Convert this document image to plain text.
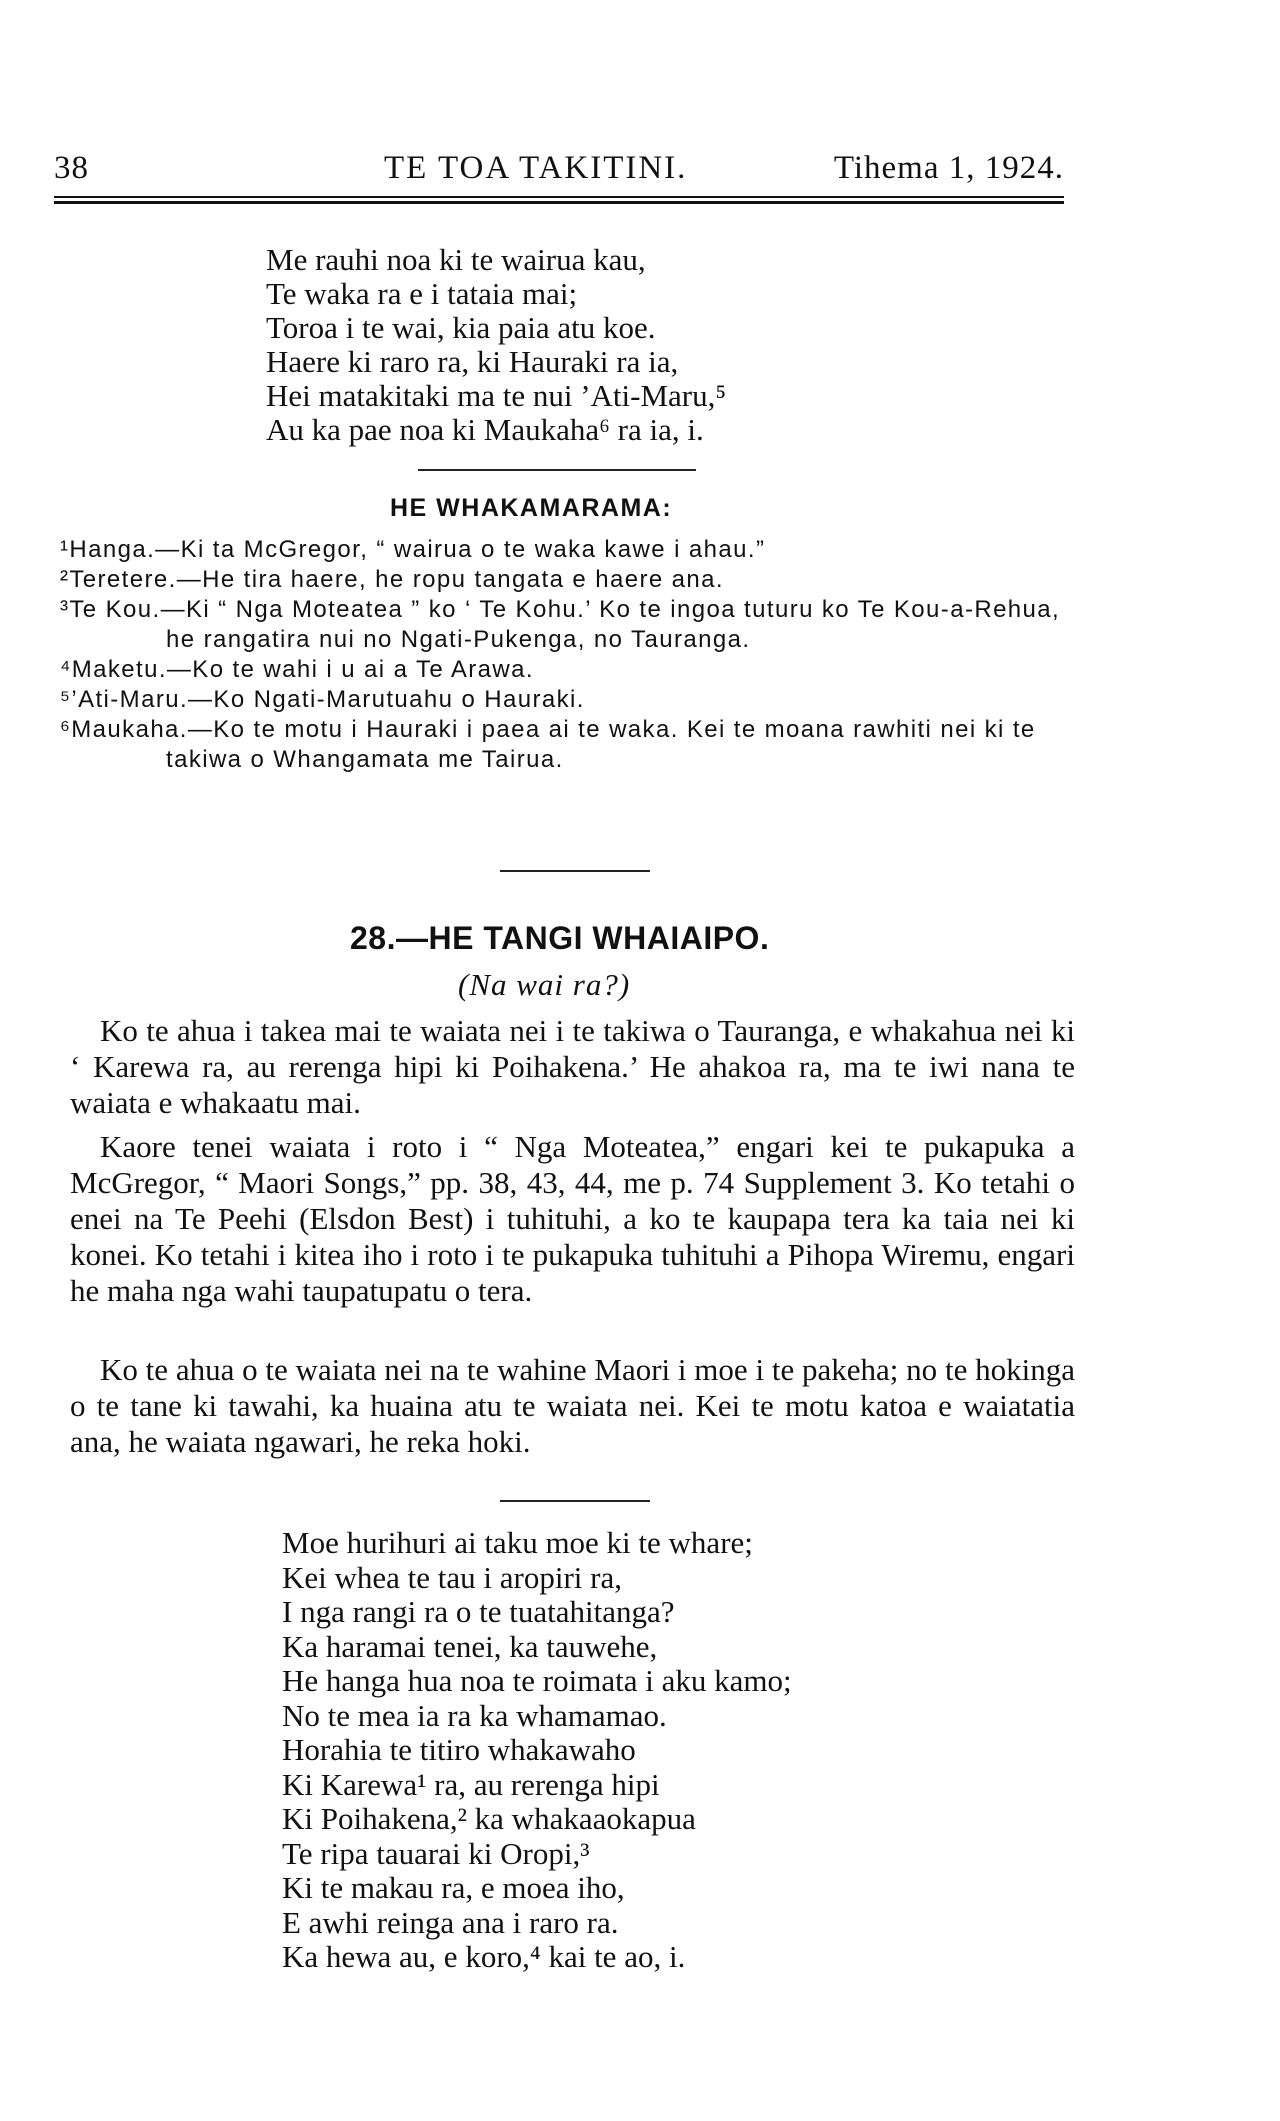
38	TE TOA TAKITINI.	Tihema 1, 1924.
Me rauhi noa ki te wairua kau,
Te waka ra e i tataia mai;
Toroa i te wai, kia paia atu koe.
Haere ki raro ra, ki Hauraki ra ia,
Hei matakitaki ma te nui ’Ati-Maru,⁵
Au ka pae noa ki Maukaha⁶ ra ia, i.
HE WHAKAMARAMA:
¹Hanga.—Ki ta McGregor, “ wairua o te waka kawe i ahau.”
²Teretere.—He tira haere, he ropu tangata e haere ana.
³Te Kou.—Ki “ Nga Moteatea ” ko ‘ Te Kohu.’ Ko te ingoa tuturu ko Te Kou-a-Rehua, he rangatira nui no Ngati-Pukenga, no Tauranga.
⁴Maketu.—Ko te wahi i u ai a Te Arawa.
⁵’Ati-Maru.—Ko Ngati-Marutuahu o Hauraki.
⁶Maukaha.—Ko te motu i Hauraki i paea ai te waka. Kei te moana rawhiti nei ki te takiwa o Whangamata me Tairua.
28.—HE TANGI WHAIAIPO.
(Na wai ra?)

Ko te ahua i takea mai te waiata nei i te takiwa o Tauranga, e whakahua nei ki ‘ Karewa ra, au rerenga hipi ki Poihakena.’ He ahakoa ra, ma te iwi nana te waiata e whakaatu mai.

Kaore tenei waiata i roto i “ Nga Moteatea,” engari kei te pukapuka a McGregor, “ Maori Songs,” pp. 38, 43, 44, me p. 74 Supplement 3. Ko tetahi o enei na Te Peehi (Elsdon Best) i tuhituhi, a ko te kaupapa tera ka taia nei ki konei. Ko tetahi i kitea iho i roto i te pukapuka tuhituhi a Pihopa Wiremu, engari he maha nga wahi taupatupatu o tera.

Ko te ahua o te waiata nei na te wahine Maori i moe i te pakeha; no te hokinga o te tane ki tawahi, ka huaina atu te waiata nei. Kei te motu katoa e waiatatia ana, he waiata ngawari, he reka hoki.

Moe hurihuri ai taku moe ki te whare;
Kei whea te tau i aropiri ra,
I nga rangi ra o te tuatahitanga?
Ka haramai tenei, ka tauwehe,
He hanga hua noa te roimata i aku kamo;
No te mea ia ra ka whamamao.
Horahia te titiro whakawaho
Ki Karewa¹ ra, au rerenga hipi
Ki Poihakena,² ka whakaaokapua
Te ripa tauarai ki Oropi,³
Ki te makau ra, e moea iho,
E awhi reinga ana i raro ra.
Ka hewa au, e koro,⁴ kai te ao, i.
